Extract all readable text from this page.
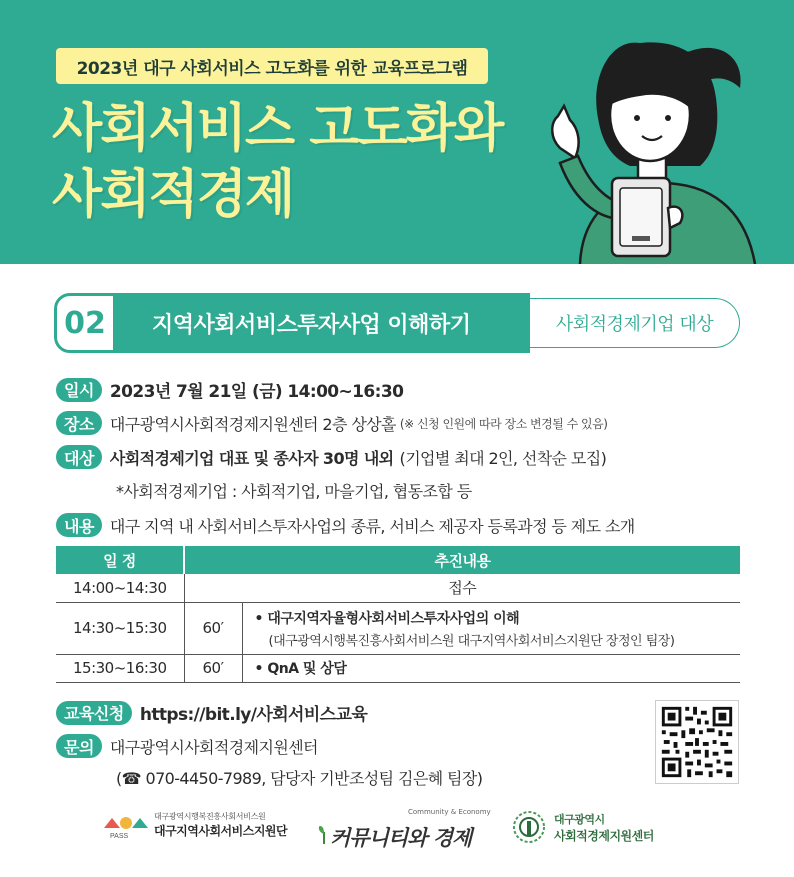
2023년 대구 사회서비스 고도화를 위한 교육프로그램
사회서비스 고도화와
사회적경제
02	지역사회서비스투자사업 이해하기	사회적경제기업 대상
일시 2023년 7월 21일 (금) 14:00~16:30
장소	대구광역시사회적경제지원센터 2층 상상홀 (※ 신청 인원에 따라 장소 변경될 수 있음)
대상	사회적경제기업 대표 및 종사자 30명 내외 (기업별 최대 2인, 선착순 모집)
*사회적경제기업 : 사회적기업, 마을기업, 협동조합 등
내용	대구 지역 내 사회서비스투자사업의 종류, 서비스 제공자 등록과정 등 제도 소개
일 정	추진내용	
14:00~14:30	접수	
14:30~15:30	60′	• 대구지역자율형사회서비스투자사업의 이해
(대구광역시행복진흥사회서비스원 대구지역사회서비스지원단 장정인 팀장)

15:30~16:30	60′	• QnA 및 상담
교육신청 https://bit.ly/사회서비스교육
문의	대구광역시사회적경제지원센터
(☎ 070-4450-7989, 담당자 기반조성팀 김은혜 팀장)
PASS
대구광역시행복진흥사회서비스원
대구지역사회서비스지원단
Community & Economy
커뮤니티와 경제
대구광역시
사회적경제지원센터
